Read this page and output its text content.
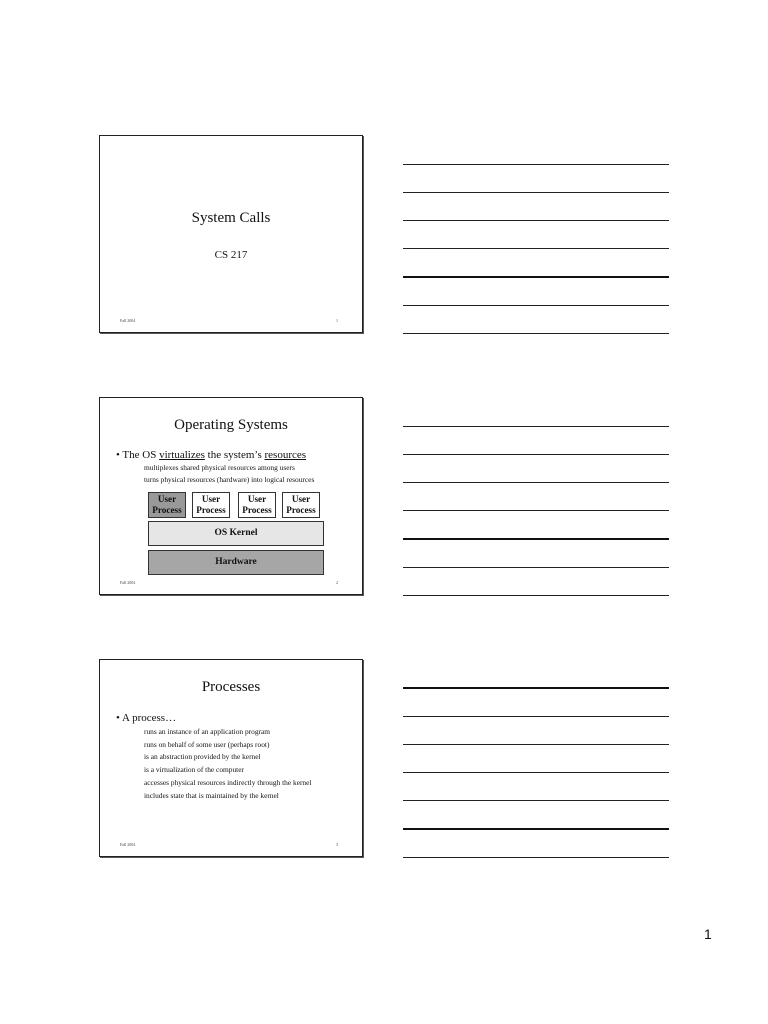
System Calls
CS 217
Fall 2004	1
Operating Systems
• The OS virtualizes the system’s resources
multiplexes shared physical resources among users
turns physical resources (hardware) into logical resources
User
Process
User
Process
User
Process
User
Process
OS Kernel
Hardware
Fall 2004	2
Processes
• A process…
runs an instance of an application program
runs on behalf of some user (perhaps root)
is an abstraction provided by the kernel
is a virtualization of the computer
accesses physical resources indirectly through the kernel
includes state that is maintained by the kernel
Fall 2004	3
1
